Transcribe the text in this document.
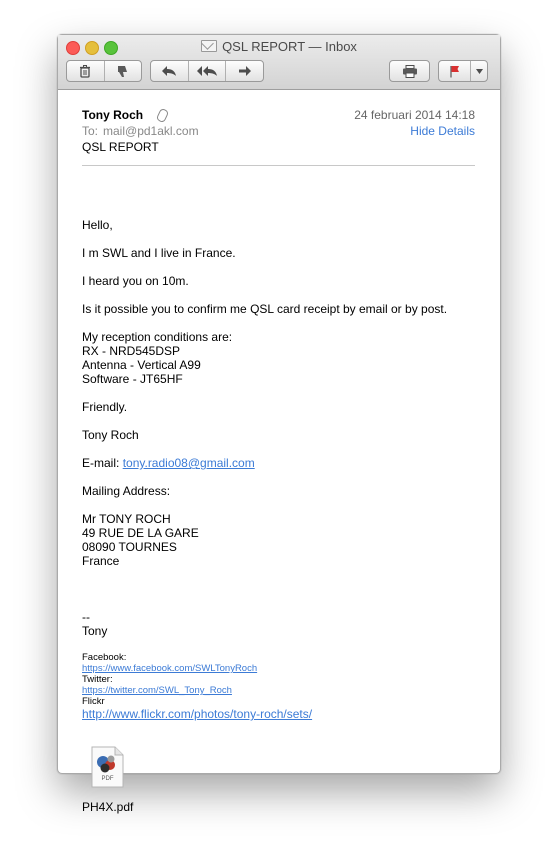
QSL REPORT — Inbox
Tony Roch	24 februari 2014 14:18
To: mail@pd1akl.com	Hide Details
QSL REPORT
Hello,
I m SWL and I live in France.
I heard you on 10m.
Is it possible you to confirm me QSL card receipt by email or by post.

My reception conditions are:

RX - NRD545DSP

Antenna - Vertical A99

Software - JT65HF

Friendly.
Tony Roch
E-mail: tony.radio08@gmail.com
Mailing Address:

Mr TONY ROCH

49 RUE DE LA GARE

08090 TOURNES

France

--
Tony

Facebook:

https://www.facebook.com/SWLTonyRoch

Twitter:

https://twitter.com/SWL_Tony_Roch

Flickr

http://www.flickr.com/photos/tony-roch/sets/
PDF
PH4X.pdf
